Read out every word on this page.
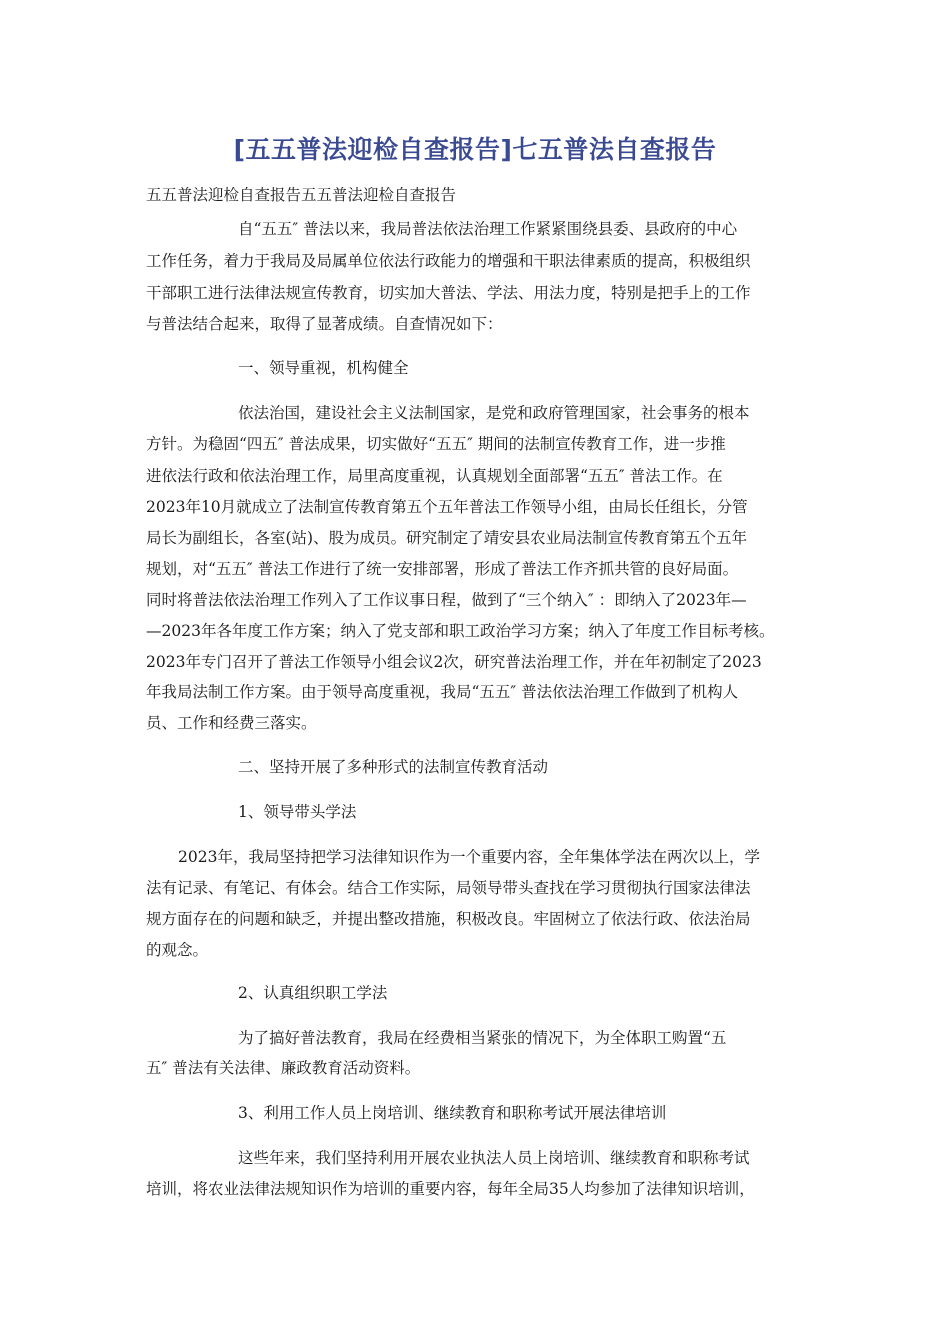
[五五普法迎检自查报告]七五普法自查报告
五五普法迎检自查报告五五普法迎检自查报告
自“五五″ 普法以来，我局普法依法治理工作紧紧围绕县委、县政府的中心
工作任务，着力于我局及局属单位依法行政能力的增强和干职法律素质的提高，积极组织
干部职工进行法律法规宣传教育，切实加大普法、学法、用法力度，特别是把手上的工作
与普法结合起来，取得了显著成绩。自查情况如下：
一、领导重视，机构健全
依法治国，建设社会主义法制国家，是党和政府管理国家，社会事务的根本
方针。为稳固“四五″ 普法成果，切实做好“五五″ 期间的法制宣传教育工作，进一步推
进依法行政和依法治理工作，局里高度重视，认真规划全面部署“五五″ 普法工作。在
2023年10月就成立了法制宣传教育第五个五年普法工作领导小组，由局长任组长，分管
局长为副组长，各室(站)、股为成员。研究制定了靖安县农业局法制宣传教育第五个五年
规划，对“五五″ 普法工作进行了统一安排部署，形成了普法工作齐抓共管的良好局面。
同时将普法依法治理工作列入了工作议事日程，做到了“三个纳入″ ：即纳入了2023年—
—2023年各年度工作方案；纳入了党支部和职工政治学习方案；纳入了年度工作目标考核。
2023年专门召开了普法工作领导小组会议2次，研究普法治理工作，并在年初制定了2023
年我局法制工作方案。由于领导高度重视，我局“五五″ 普法依法治理工作做到了机构人
员、工作和经费三落实。
二、坚持开展了多种形式的法制宣传教育活动
1、领导带头学法
2023年，我局坚持把学习法律知识作为一个重要内容，全年集体学法在两次以上，学
法有记录、有笔记、有体会。结合工作实际，局领导带头查找在学习贯彻执行国家法律法
规方面存在的问题和缺乏，并提出整改措施，积极改良。牢固树立了依法行政、依法治局
的观念。
2、认真组织职工学法
为了搞好普法教育，我局在经费相当紧张的情况下，为全体职工购置“五
五″ 普法有关法律、廉政教育活动资料。
3、利用工作人员上岗培训、继续教育和职称考试开展法律培训
这些年来，我们坚持利用开展农业执法人员上岗培训、继续教育和职称考试
培训，将农业法律法规知识作为培训的重要内容，每年全局35人均参加了法律知识培训，
